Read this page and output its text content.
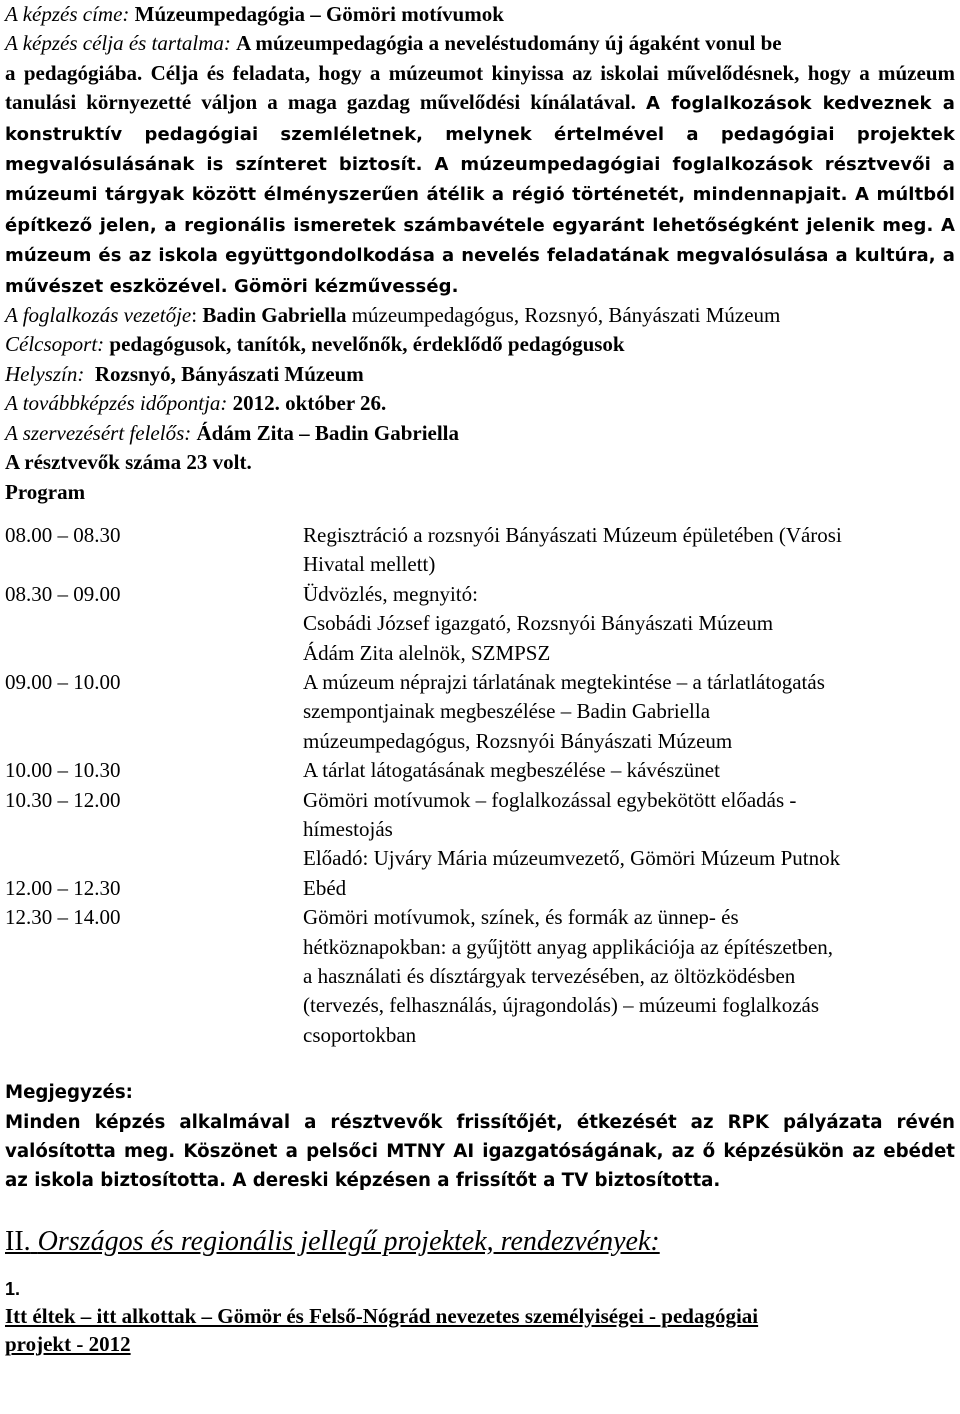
A képzés címe: Múzeumpedagógia – Gömöri motívumok
A képzés célja és tartalma: A múzeumpedagógia a neveléstudomány új ágaként vonul be
a pedagógiába. Célja és feladata, hogy a múzeumot kinyissa az iskolai művelődésnek, hogy a múzeum tanulási környezetté váljon a maga gazdag művelődési kínálatával. A foglalkozások kedveznek a konstruktív pedagógiai szemléletnek, melynek értelmével a pedagógiai projektek megvalósulásának is színteret biztosít. A múzeumpedagógiai foglalkozások résztvevői a múzeumi tárgyak között élményszerűen átélik a régió történetét, mindennapjait. A múltból építkező jelen, a regionális ismeretek számbavétele egyaránt lehetőségként jelenik meg. A múzeum és az iskola együttgondolkodása a nevelés feladatának megvalósulása a kultúra, a művészet eszközével. Gömöri kézművesség.
A foglalkozás vezetője: Badin Gabriella múzeumpedagógus, Rozsnyó, Bányászati Múzeum
Célcsoport: pedagógusok, tanítók, nevelőnők, érdeklődő pedagógusok
Helyszín: Rozsnyó, Bányászati Múzeum
A továbbképzés időpontja: 2012. október 26.
A szervezésért felelős: Ádám Zita – Badin Gabriella
A résztvevők száma 23 volt.
Program
08.00 – 08.30	Regisztráció a rozsnyói Bányászati Múzeum épületében (Városi
Hivatal mellett)

08.30 – 09.00	Üdvözlés, megnyitó:
Csobádi József igazgató, Rozsnyói Bányászati Múzeum
Ádám Zita alelnök, SZMPSZ

09.00 – 10.00	A múzeum néprajzi tárlatának megtekintése – a tárlatlátogatás
szempontjainak megbeszélése – Badin Gabriella
múzeumpedagógus, Rozsnyói Bányászati Múzeum

10.00 – 10.30	A tárlat látogatásának megbeszélése – kávészünet

10.30 – 12.00	Gömöri motívumok – foglalkozással egybekötött előadás -
hímestojás
Előadó: Ujváry Mária múzeumvezető, Gömöri Múzeum Putnok

12.00 – 12.30	Ebéd

12.30 – 14.00	Gömöri motívumok, színek, és formák az ünnep- és
hétköznapokban: a gyűjtött anyag applikációja az építészetben,
a használati és dísztárgyak tervezésében, az öltözködésben
(tervezés, felhasználás, újragondolás) – múzeumi foglalkozás
csoportokban
Megjegyzés:
Minden képzés alkalmával a résztvevők frissítőjét, étkezését az RPK pályázata révén valósította meg. Köszönet a pelsőci MTNY AI igazgatóságának, az ő képzésükön az ebédet az iskola biztosította. A dereski képzésen a frissítőt a TV biztosította.
II. Országos és regionális jellegű projektek, rendezvények:
1.
Itt éltek – itt alkottak – Gömör és Felső-Nógrád nevezetes személyiségei - pedagógiai
projekt - 2012
